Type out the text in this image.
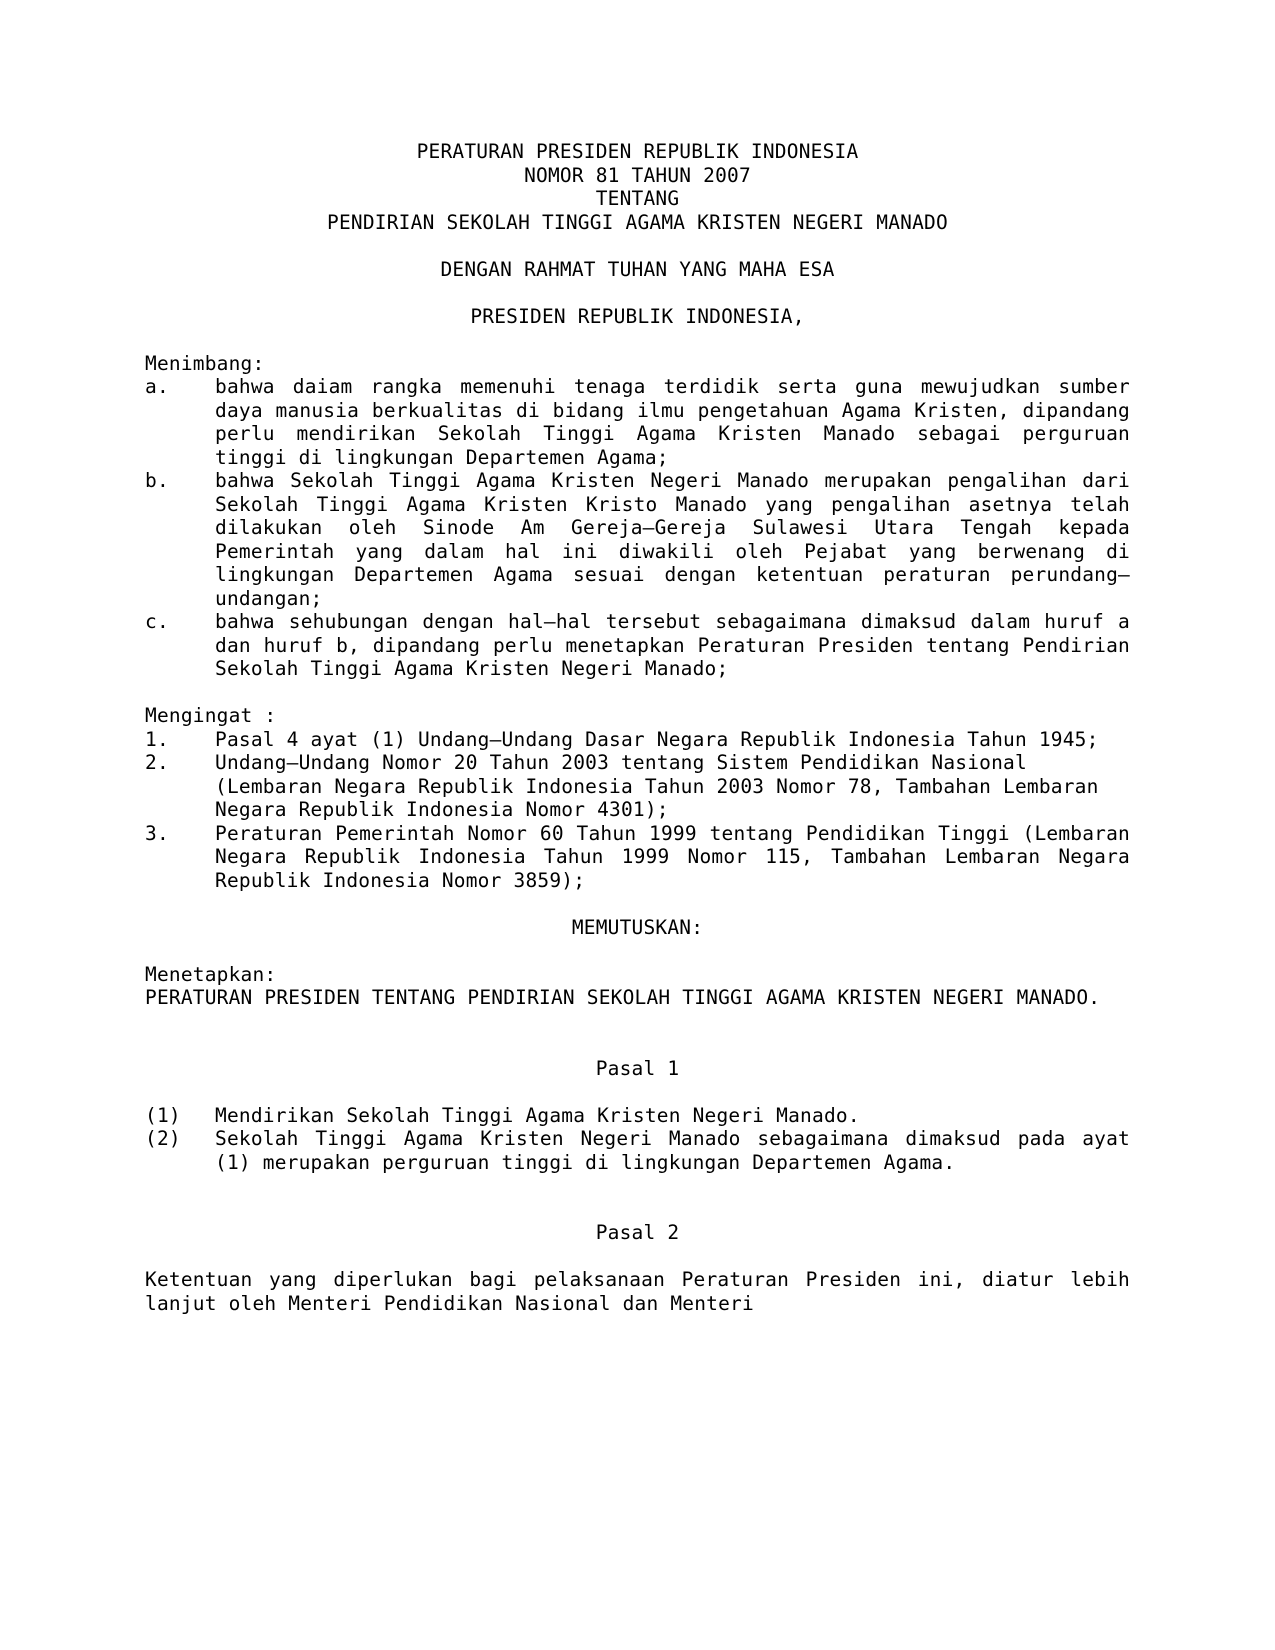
PERATURAN PRESIDEN REPUBLIK INDONESIA
NOMOR 81 TAHUN 2007
TENTANG
PENDIRIAN SEKOLAH TINGGI AGAMA KRISTEN NEGERI MANADO
DENGAN RAHMAT TUHAN YANG MAHA ESA
PRESIDEN REPUBLIK INDONESIA,
Menimbang:
a.	bahwa daiam rangka memenuhi tenaga terdidik serta guna mewujudkan sumber daya manusia berkualitas di bidang ilmu pengetahuan Agama Kristen, dipandang perlu mendirikan Sekolah Tinggi Agama Kristen Manado sebagai perguruan tinggi di lingkungan Departemen Agama;
b.	bahwa Sekolah Tinggi Agama Kristen Negeri Manado merupakan pengalihan dari Sekolah Tinggi Agama Kristen Kristo Manado yang pengalihan asetnya telah dilakukan oleh Sinode Am Gereja–Gereja Sulawesi Utara Tengah kepada Pemerintah yang dalam hal ini diwakili oleh Pejabat yang berwenang di lingkungan Departemen Agama sesuai dengan ketentuan peraturan perundang–undangan;
c.	bahwa sehubungan dengan hal–hal tersebut sebagaimana dimaksud dalam huruf a dan huruf b, dipandang perlu menetapkan Peraturan Presiden tentang Pendirian Sekolah Tinggi Agama Kristen Negeri Manado;
Mengingat :
1.	Pasal 4 ayat (1) Undang–Undang Dasar Negara Republik Indonesia Tahun 1945;
2.	Undang–Undang Nomor 20 Tahun 2003 tentang Sistem Pendidikan Nasional (Lembaran Negara Republik Indonesia Tahun 2003 Nomor 78, Tambahan Lembaran Negara Republik Indonesia Nomor 4301);
3.	Peraturan Pemerintah Nomor 60 Tahun 1999 tentang Pendidikan Tinggi (Lembaran Negara Republik Indonesia Tahun 1999 Nomor 115, Tambahan Lembaran Negara Republik Indonesia Nomor 3859);
MEMUTUSKAN:
Menetapkan:
PERATURAN PRESIDEN TENTANG PENDIRIAN SEKOLAH TINGGI AGAMA KRISTEN NEGERI MANADO.
Pasal 1
(1)	Mendirikan Sekolah Tinggi Agama Kristen Negeri Manado.
(2)	Sekolah Tinggi Agama Kristen Negeri Manado sebagaimana dimaksud pada ayat (1) merupakan perguruan tinggi di lingkungan Departemen Agama.
Pasal 2
Ketentuan yang diperlukan bagi pelaksanaan Peraturan Presiden ini, diatur lebih lanjut oleh Menteri Pendidikan Nasional dan Menteri
